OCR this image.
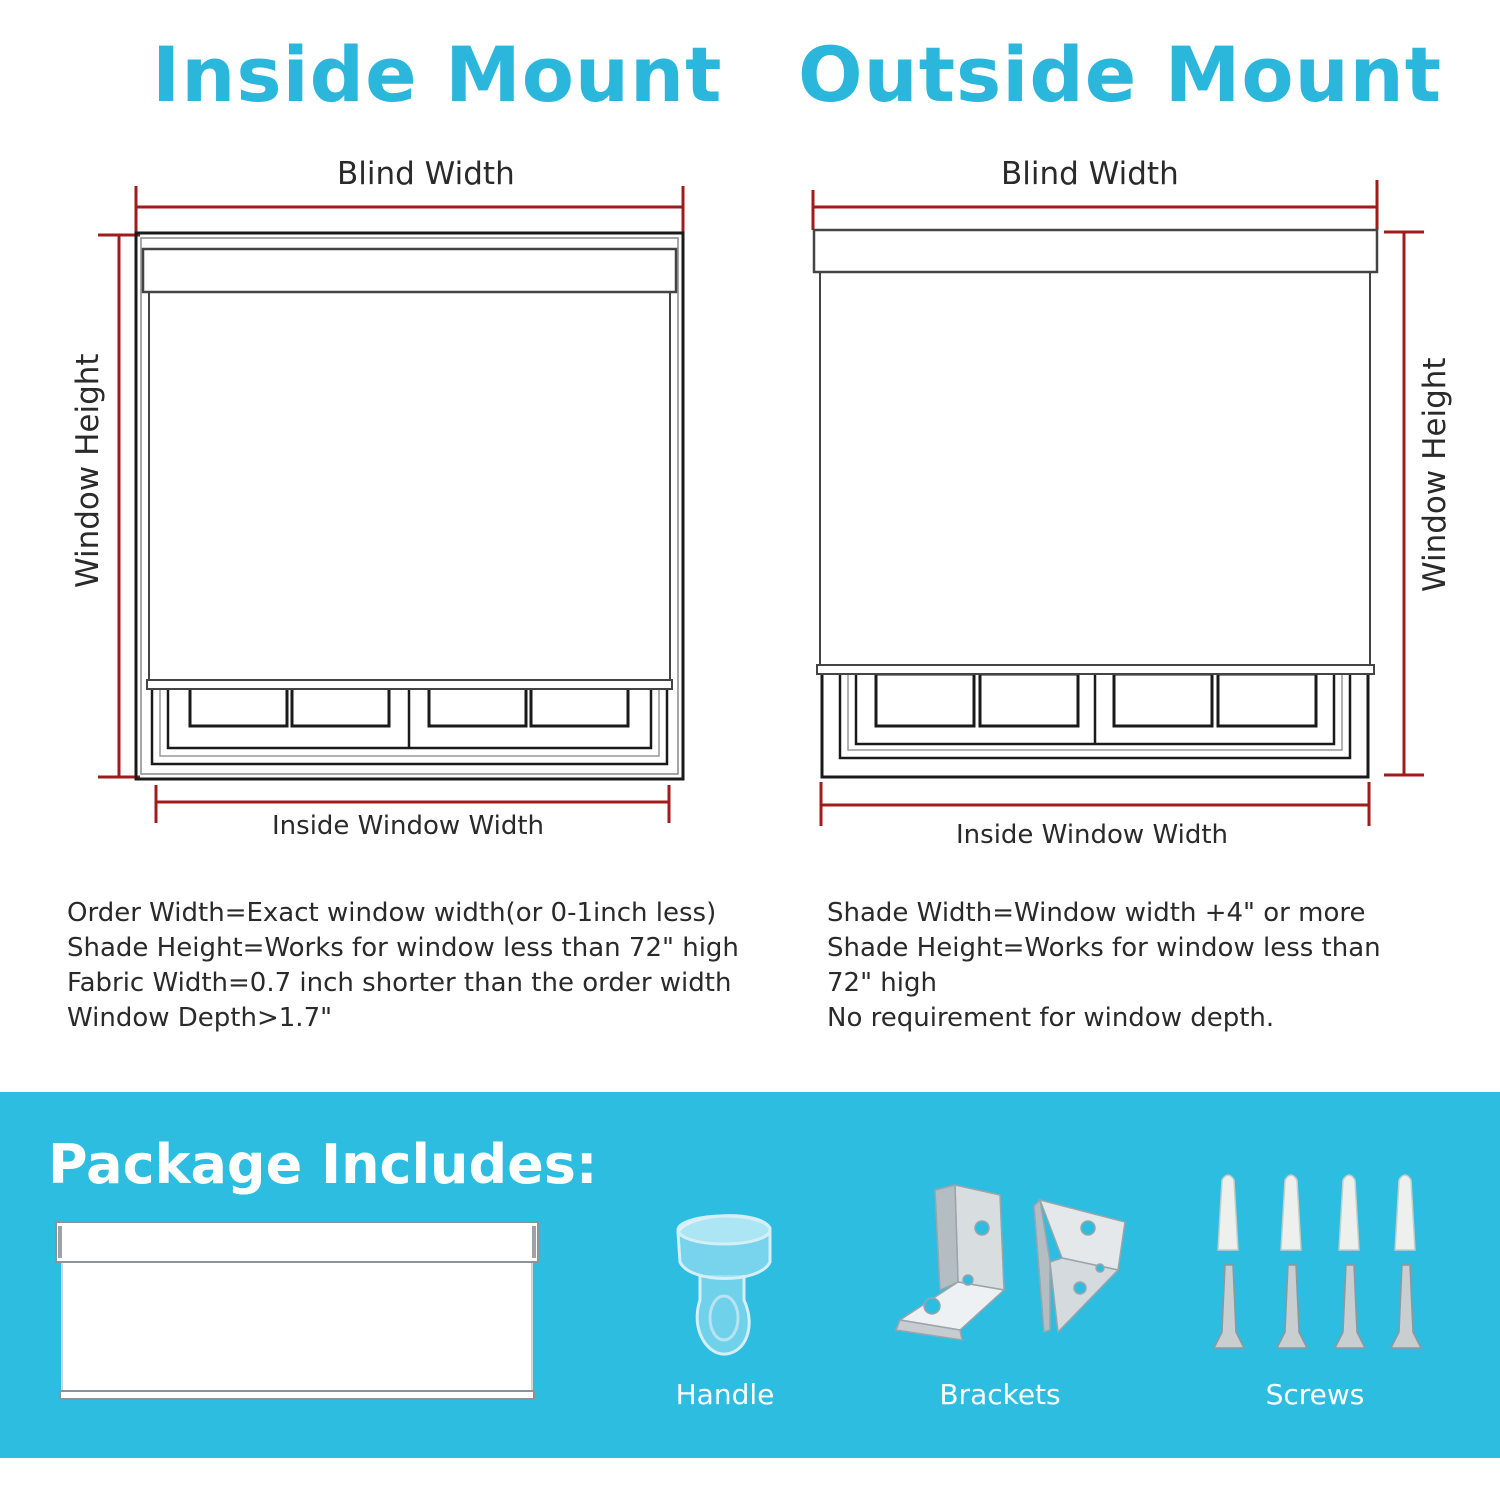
Inside Mount Outside Mount
Blind Width
Window Height
Inside Window Width
Order Width=Exact window width(or 0-1inch less)
Shade Height=Works for window less than 72" high
Fabric Width=0.7 inch shorter than the order width
Window Depth>1.7"
Blind Width
Window Height
Inside Window Width
Shade Width=Window width +4" or more
Shade Height=Works for window less than
72" high
No requirement for window depth.
Package Includes:
Handle	Brackets	Screws
